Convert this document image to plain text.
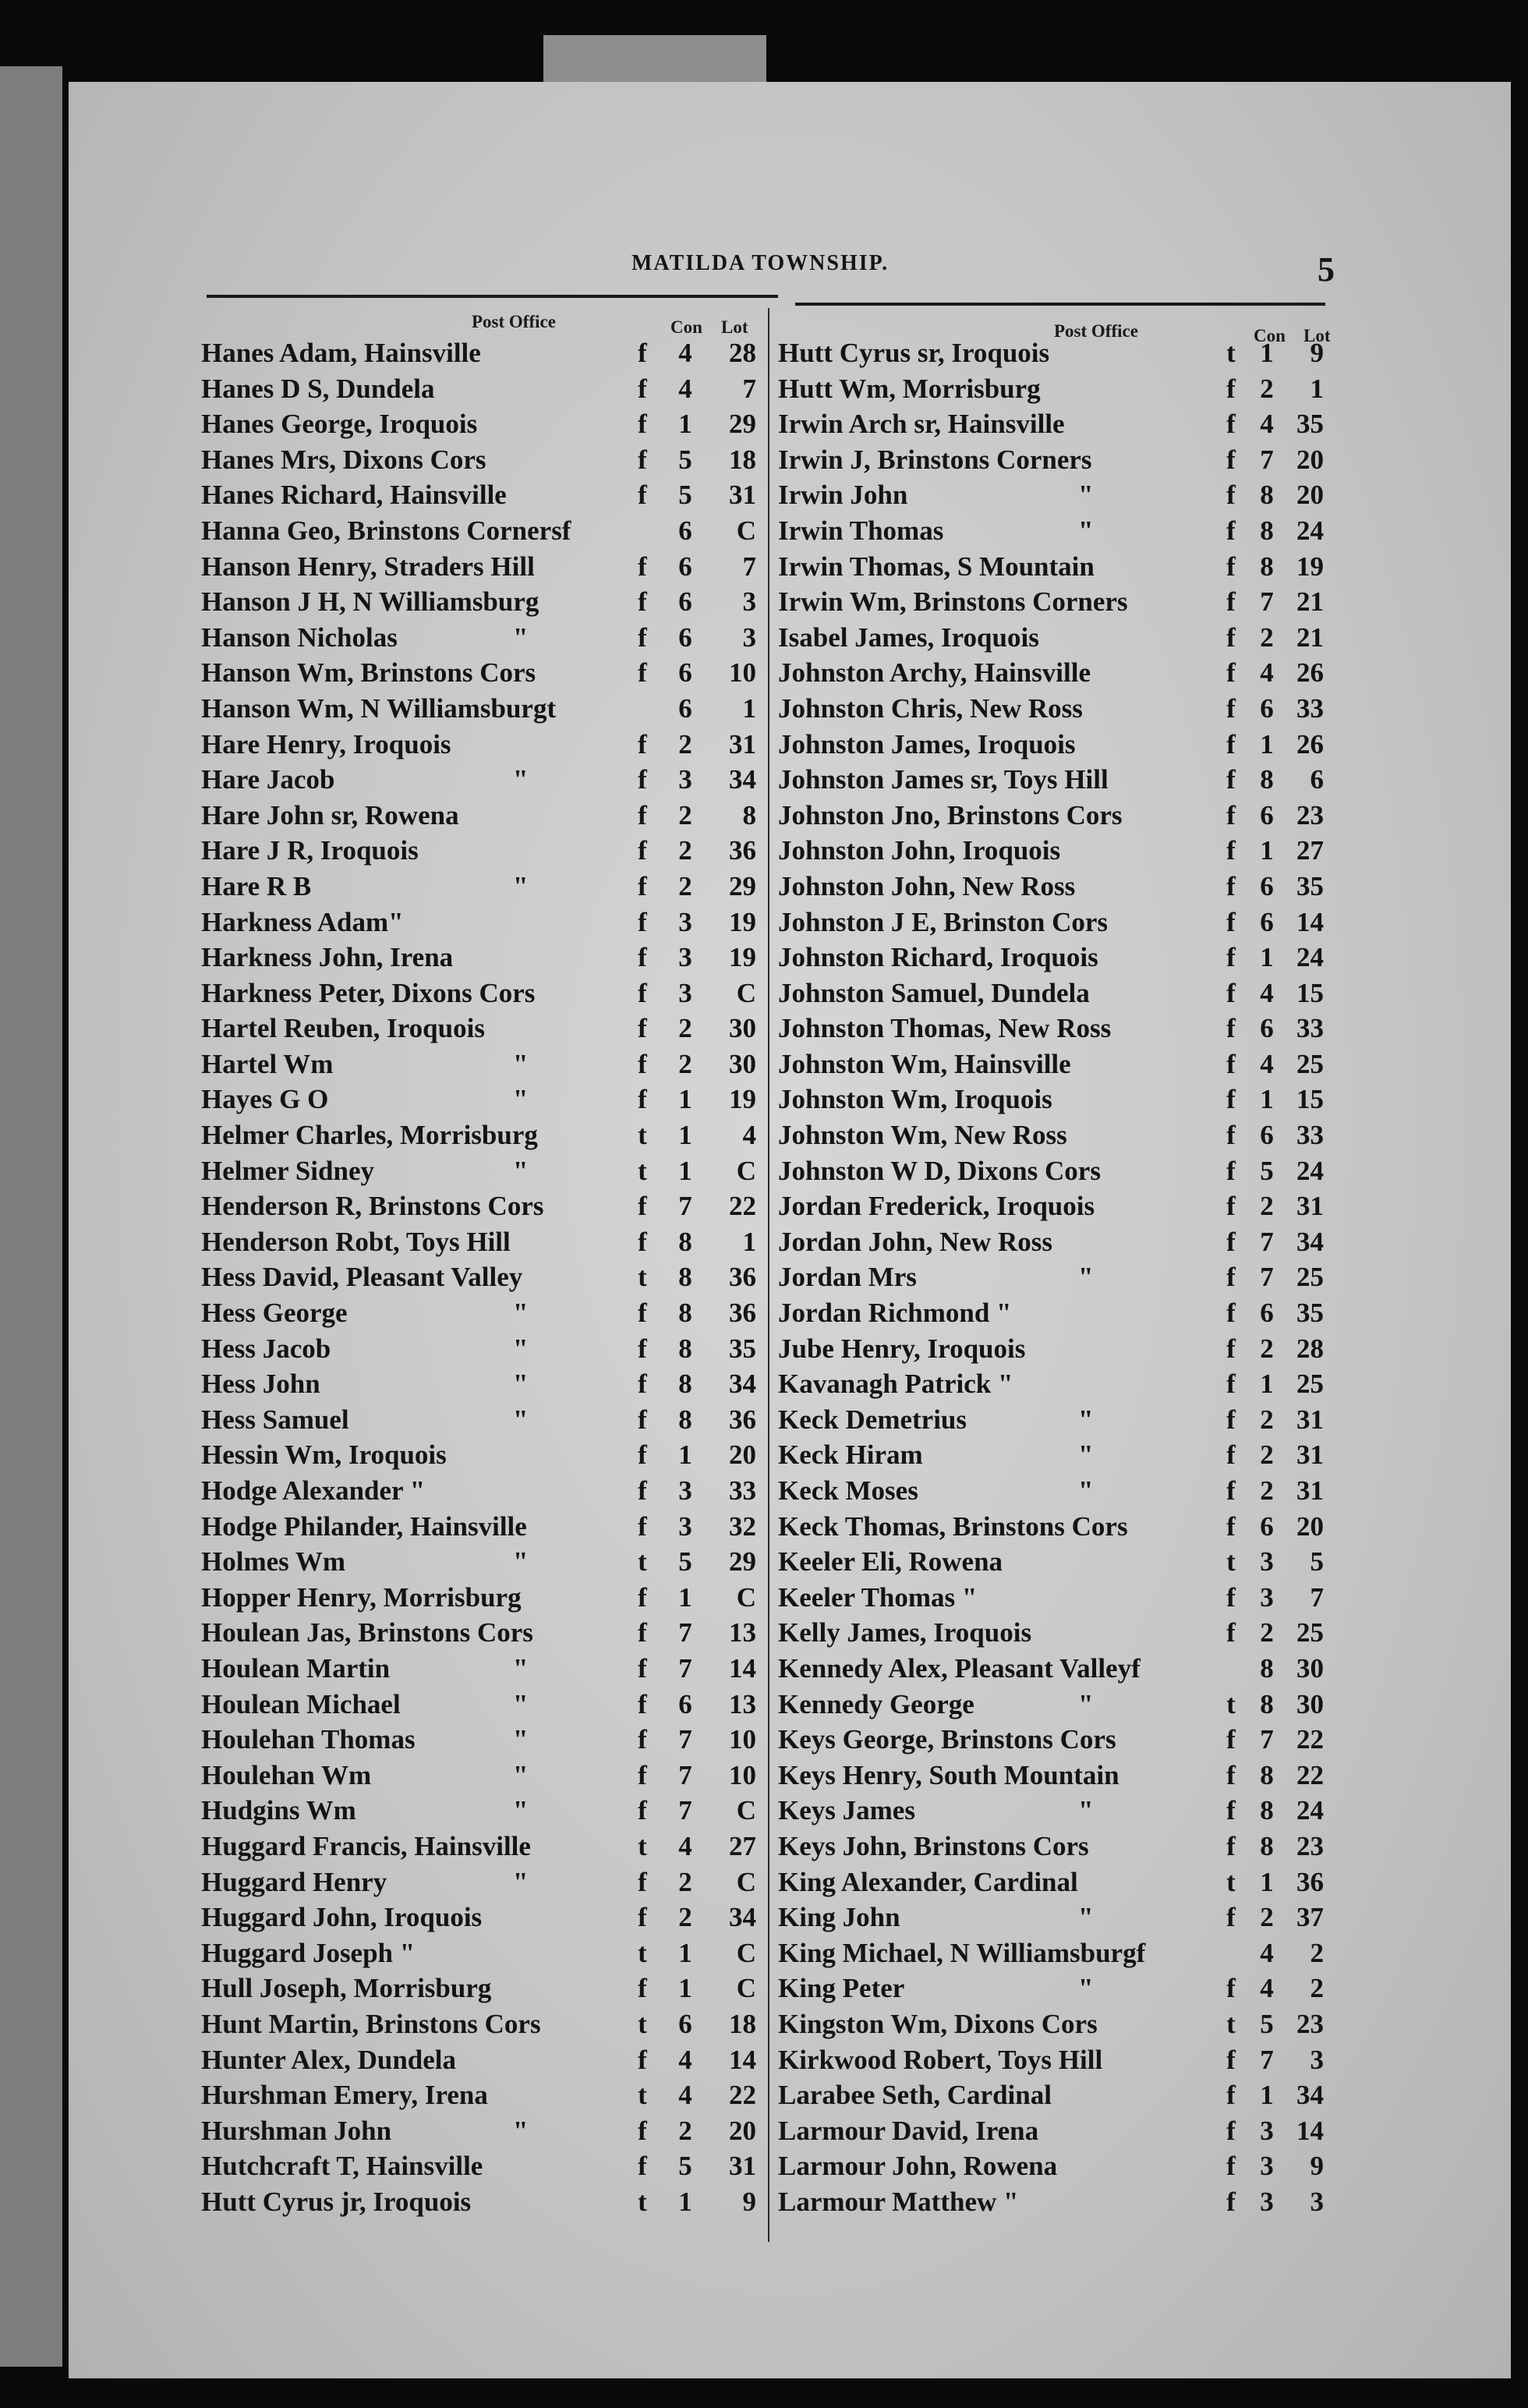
MATILDA TOWNSHIP.	5
Post Office	Con Lot	Post Office	Con Lot
Hanes Adam, Hainsville	f 4	28
Hanes D S, Dundela	f 4	7
Hanes George, Iroquois	f 1	29
Hanes Mrs, Dixons Cors	f 5	18
Hanes Richard, Hainsville	f 5	31
Hanna Geo, Brinstons Cornersf	6	C
Hanson Henry, Straders Hill	f 6	7
Hanson J H, N Williamsburg	f 6	3
Hanson Nicholas	"	f 6	3
Hanson Wm, Brinstons Cors	f 6	10
Hanson Wm, N Williamsburgt	6	1
Hare Henry, Iroquois	f 2	31
Hare Jacob	"	f 3	34
Hare John sr, Rowena	f 2	8
Hare J R, Iroquois	f 2	36
Hare R B	"	f 2	29
Harkness Adam"	f 3	19
Harkness John, Irena	f 3	19
Harkness Peter, Dixons Cors	f 3	C
Hartel Reuben, Iroquois	f 2	30
Hartel Wm	"	f 2	30
Hayes G O	"	f 1	19
Helmer Charles, Morrisburg	t 1	4
Helmer Sidney	"	t 1	C
Henderson R, Brinstons Cors	f 7	22
Henderson Robt, Toys Hill	f 8	1
Hess David, Pleasant Valley	t 8	36
Hess George	"	f 8	36
Hess Jacob	"	f 8	35
Hess John	"	f 8	34
Hess Samuel	"	f 8	36
Hessin Wm, Iroquois	f 1	20
Hodge Alexander "	f 3	33
Hodge Philander, Hainsville	f 3	32
Holmes Wm	"	t 5	29
Hopper Henry, Morrisburg	f 1	C
Houlean Jas, Brinstons Cors	f 7	13
Houlean Martin	"	f 7	14
Houlean Michael	"	f 6	13
Houlehan Thomas	"	f 7	10
Houlehan Wm	"	f 7	10
Hudgins Wm	"	f 7	C
Huggard Francis, Hainsville	t 4	27
Huggard Henry	"	f 2	C
Huggard John, Iroquois	f 2	34
Huggard Joseph "	t 1	C
Hull Joseph, Morrisburg	f 1	C
Hunt Martin, Brinstons Cors	t 6	18
Hunter Alex, Dundela	f 4	14
Hurshman Emery, Irena	t 4	22
Hurshman John	"	f 2	20
Hutchcraft T, Hainsville	f 5	31
Hutt Cyrus jr, Iroquois	t 1	9
Hutt Cyrus sr, Iroquois	t 1	9
Hutt Wm, Morrisburg	f 2	1
Irwin Arch sr, Hainsville	f 4 35
Irwin J, Brinstons Corners	f 7 20
Irwin John	"	f 8 20
Irwin Thomas	"	f 8 24
Irwin Thomas, S Mountain	f 8 19
Irwin Wm, Brinstons Corners	f 7 21
Isabel James, Iroquois	f 2 21
Johnston Archy, Hainsville	f 4 26
Johnston Chris, New Ross	f 6 33
Johnston James, Iroquois	f 1 26
Johnston James sr, Toys Hill	f 8	6
Johnston Jno, Brinstons Cors	f 6 23
Johnston John, Iroquois	f 1 27
Johnston John, New Ross	f 6 35
Johnston J E, Brinston Cors	f 6 14
Johnston Richard, Iroquois	f 1 24
Johnston Samuel, Dundela	f 4 15
Johnston Thomas, New Ross	f 6 33
Johnston Wm, Hainsville	f 4 25
Johnston Wm, Iroquois	f 1 15
Johnston Wm, New Ross	f 6 33
Johnston W D, Dixons Cors	f 5 24
Jordan Frederick, Iroquois	f 2 31
Jordan John, New Ross	f 7 34
Jordan Mrs	"	f 7 25
Jordan Richmond "	f 6 35
Jube Henry, Iroquois	f 2 28
Kavanagh Patrick "	f 1 25
Keck Demetrius	"	f 2 31
Keck Hiram	"	f 2 31
Keck Moses	"	f 2 31
Keck Thomas, Brinstons Cors	f 6 20
Keeler Eli, Rowena	t 3	5
Keeler Thomas "	f 3	7
Kelly James, Iroquois	f 2 25
Kennedy Alex, Pleasant Valleyf	8 30
Kennedy George	"	t 8 30
Keys George, Brinstons Cors	f 7 22
Keys Henry, South Mountain	f 8 22
Keys James	"	f 8 24
Keys John, Brinstons Cors	f 8 23
King Alexander, Cardinal	t 1 36
King John	"	f 2 37
King Michael, N Williamsburgf	4	2
King Peter	"	f 4	2
Kingston Wm, Dixons Cors	t 5 23
Kirkwood Robert, Toys Hill	f 7	3
Larabee Seth, Cardinal	f 1 34
Larmour David, Irena	f 3 14
Larmour John, Rowena	f 3	9
Larmour Matthew "	f 3	3
